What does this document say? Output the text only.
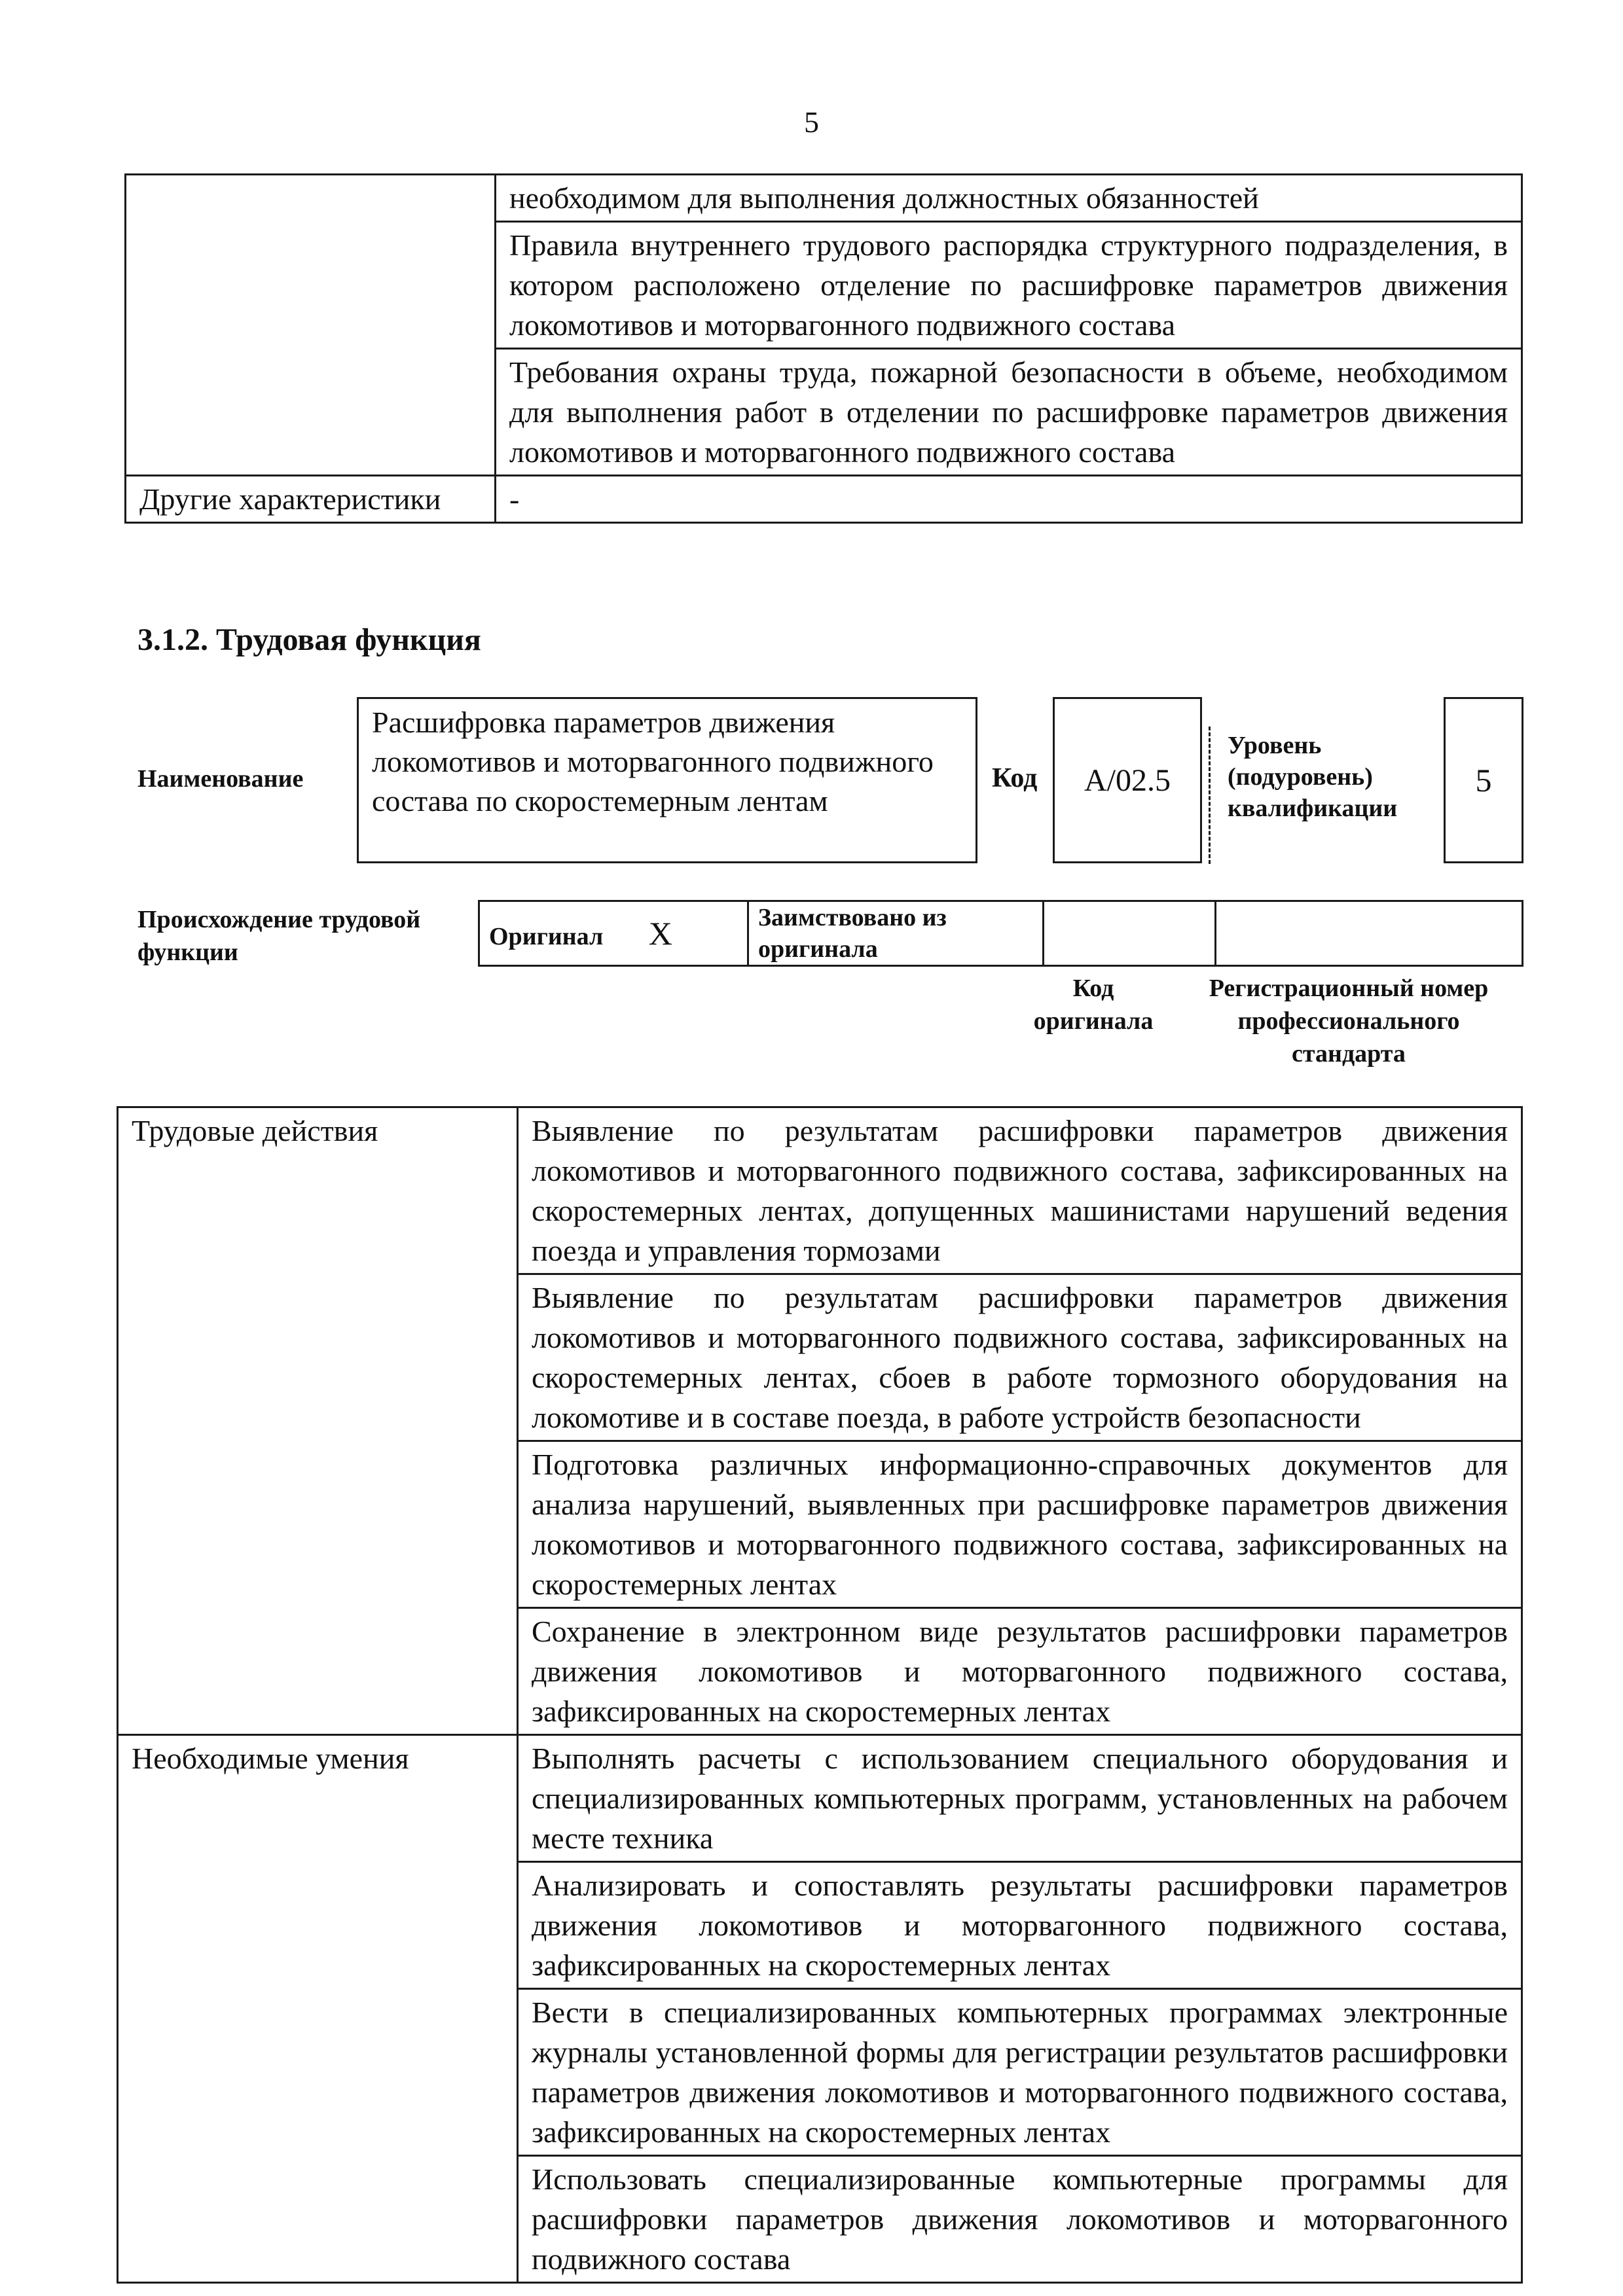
5
	необходимом для выполнения должностных обязанностей
	Правила внутреннего трудового распорядка структурного подразделения, в котором расположено отделение по расшифровке параметров движения локомотивов и моторвагонного подвижного состава
	Требования охраны труда, пожарной безопасности в объеме, необходимом для выполнения работ в отделении по расшифровке параметров движения локомотивов и моторвагонного подвижного состава
Другие характеристики	-
3.1.2. Трудовая функция
Наименование
Расшифровка параметров движения локомотивов и моторвагонного подвижного состава по скоростемерным лентам
Код	А/02.5
Уровень
(подуровень)
квалификации
5
Происхождение трудовой
функции
Оригинал X	Заимствовано из
оригинала

Код
оригинала
Регистрационный номер
профессионального
стандарта
Трудовые действия	Выявление по результатам расшифровки параметров движения локомотивов и моторвагонного подвижного состава, зафиксированных на скоростемерных лентах, допущенных машинистами нарушений ведения поезда и управления тормозами
	Выявление по результатам расшифровки параметров движения локомотивов и моторвагонного подвижного состава, зафиксированных на скоростемерных лентах, сбоев в работе тормозного оборудования на локомотиве и в составе поезда, в работе устройств безопасности
	Подготовка различных информационно-справочных документов для анализа нарушений, выявленных при расшифровке параметров движения локомотивов и моторвагонного подвижного состава, зафиксированных на скоростемерных лентах
	Сохранение в электронном виде результатов расшифровки параметров движения локомотивов и моторвагонного подвижного состава, зафиксированных на скоростемерных лентах
Необходимые умения	Выполнять расчеты с использованием специального оборудования и специализированных компьютерных программ, установленных на рабочем месте техника
	Анализировать и сопоставлять результаты расшифровки параметров движения локомотивов и моторвагонного подвижного состава, зафиксированных на скоростемерных лентах
	Вести в специализированных компьютерных программах электронные журналы установленной формы для регистрации результатов расшифровки параметров движения локомотивов и моторвагонного подвижного состава, зафиксированных на скоростемерных лентах
	Использовать специализированные компьютерные программы для расшифровки параметров движения локомотивов и моторвагонного подвижного состава
